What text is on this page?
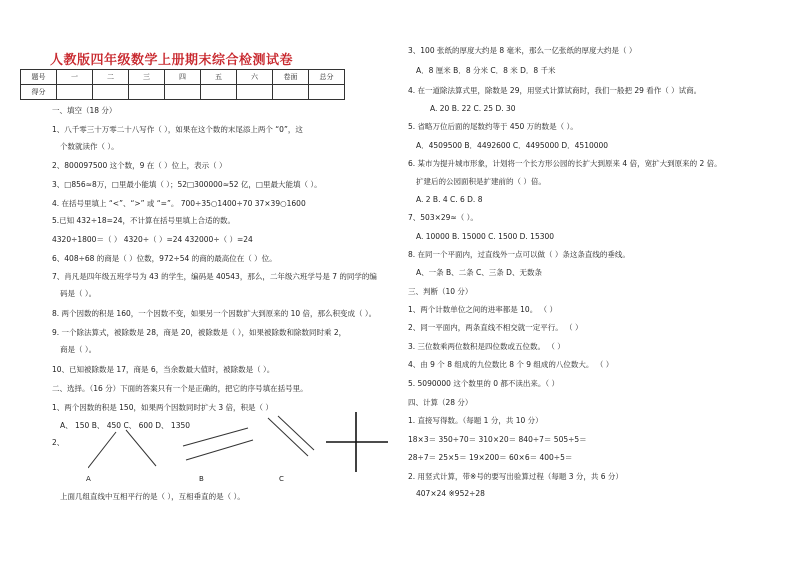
人教版四年级数学上册期末综合检测试卷
题号	一	二	三	四	五	六	卷面	总分
得分								
一、填空（18 分）
1、八千零三十万零二十八写作（ ），如果在这个数的末尾添上两个 “0”，这
个数就读作（ ）。
2、800097500 这个数，9 在（ ）位上，表示（ ）
3、□856≈8万，□里最小能填（ ）；52□300000≈52 亿，□里最大能填（ ）。
4. 在括号里填上 “<”、“>” 或 “=”。 700÷35○1400÷70 37×39○1600
5.已知 432÷18=24，不计算在括号里填上合适的数。
4320÷1800＝（ ） 4320÷（ ）=24 432000÷（ ）=24
6、408÷68 的商是（ ）位数，972÷54 的商的最高位在（ ）位。
7、肖凡是四年级五班学号为 43 的学生，编码是 40543，那么，二年级六班学号是 7 的同学的编
码是（ ）。
8. 两个因数的积是 160，一个因数不变，如果另一个因数扩大到原来的 10 倍，那么积变成（ ）。
9. 一个除法算式，被除数是 28，商是 20，被除数是（ ），如果被除数和除数同时乘 2，
商是（ ）。
10、已知被除数是 17，商是 6，当余数最大值时，被除数是（ ）。
二、选择。（16 分）下面的答案只有一个是正确的，把它的序号填在括号里。
1、两个因数的积是 150，如果两个因数同时扩大 3 倍，积是（ ）
A、 150 B、 450 C、 600 D、 1350
2、
上面几组直线中互相平行的是（ ），互相垂直的是（ ）。
3、100 张纸的厚度大约是 8 毫米，那么一亿张纸的厚度大约是（ ）
A．8 厘米 B．8 分米 C．8 米 D．8 千米
4. 在一道除法算式里，除数是 29，用竖式计算试商时，我们一般把 29 看作（ ）试商。
A. 20 B. 22 C. 25 D. 30
5. 省略万位后面的尾数约等于 450 万的数是（ ）。
A．4509500 B．4492600 C．4495000 D．4510000
6. 某市为提升城市形象，计划将一个长方形公园的长扩大到原来 4 倍，宽扩大到原来的 2 倍。
扩建后的公园面积是扩建前的（ ）倍。
A. 2 B. 4 C. 6 D. 8
7、503×29≈（ ）。
A. 10000 B. 15000 C. 1500 D. 15300
8. 在同一个平面内，过直线外一点可以做（ ）条这条直线的垂线。
A、一条 B、二条 C、三条 D、无数条
三、判断（10 分）
1、两个计数单位之间的进率都是 10。 （ ）
2、同一平面内，两条直线不相交就一定平行。 （ ）
3. 三位数乘两位数积是四位数或五位数。 （ ）
4、由 9 个 8 组成的九位数比 8 个 9 组成的八位数大。 （ ）
5. 5090000 这个数里的 0 都不读出来。（ ）
四、计算（28 分）
1. 直接写得数。（每题 1 分，共 10 分）
18×3＝ 350÷70＝ 310×20＝ 840÷7＝ 505÷5＝
28÷7＝ 25×5＝ 19×200＝ 60×6＝ 400÷5＝
2. 用竖式计算，带※号的要写出验算过程（每题 3 分，共 6 分）
407×24 ※952÷28
A	B	C
